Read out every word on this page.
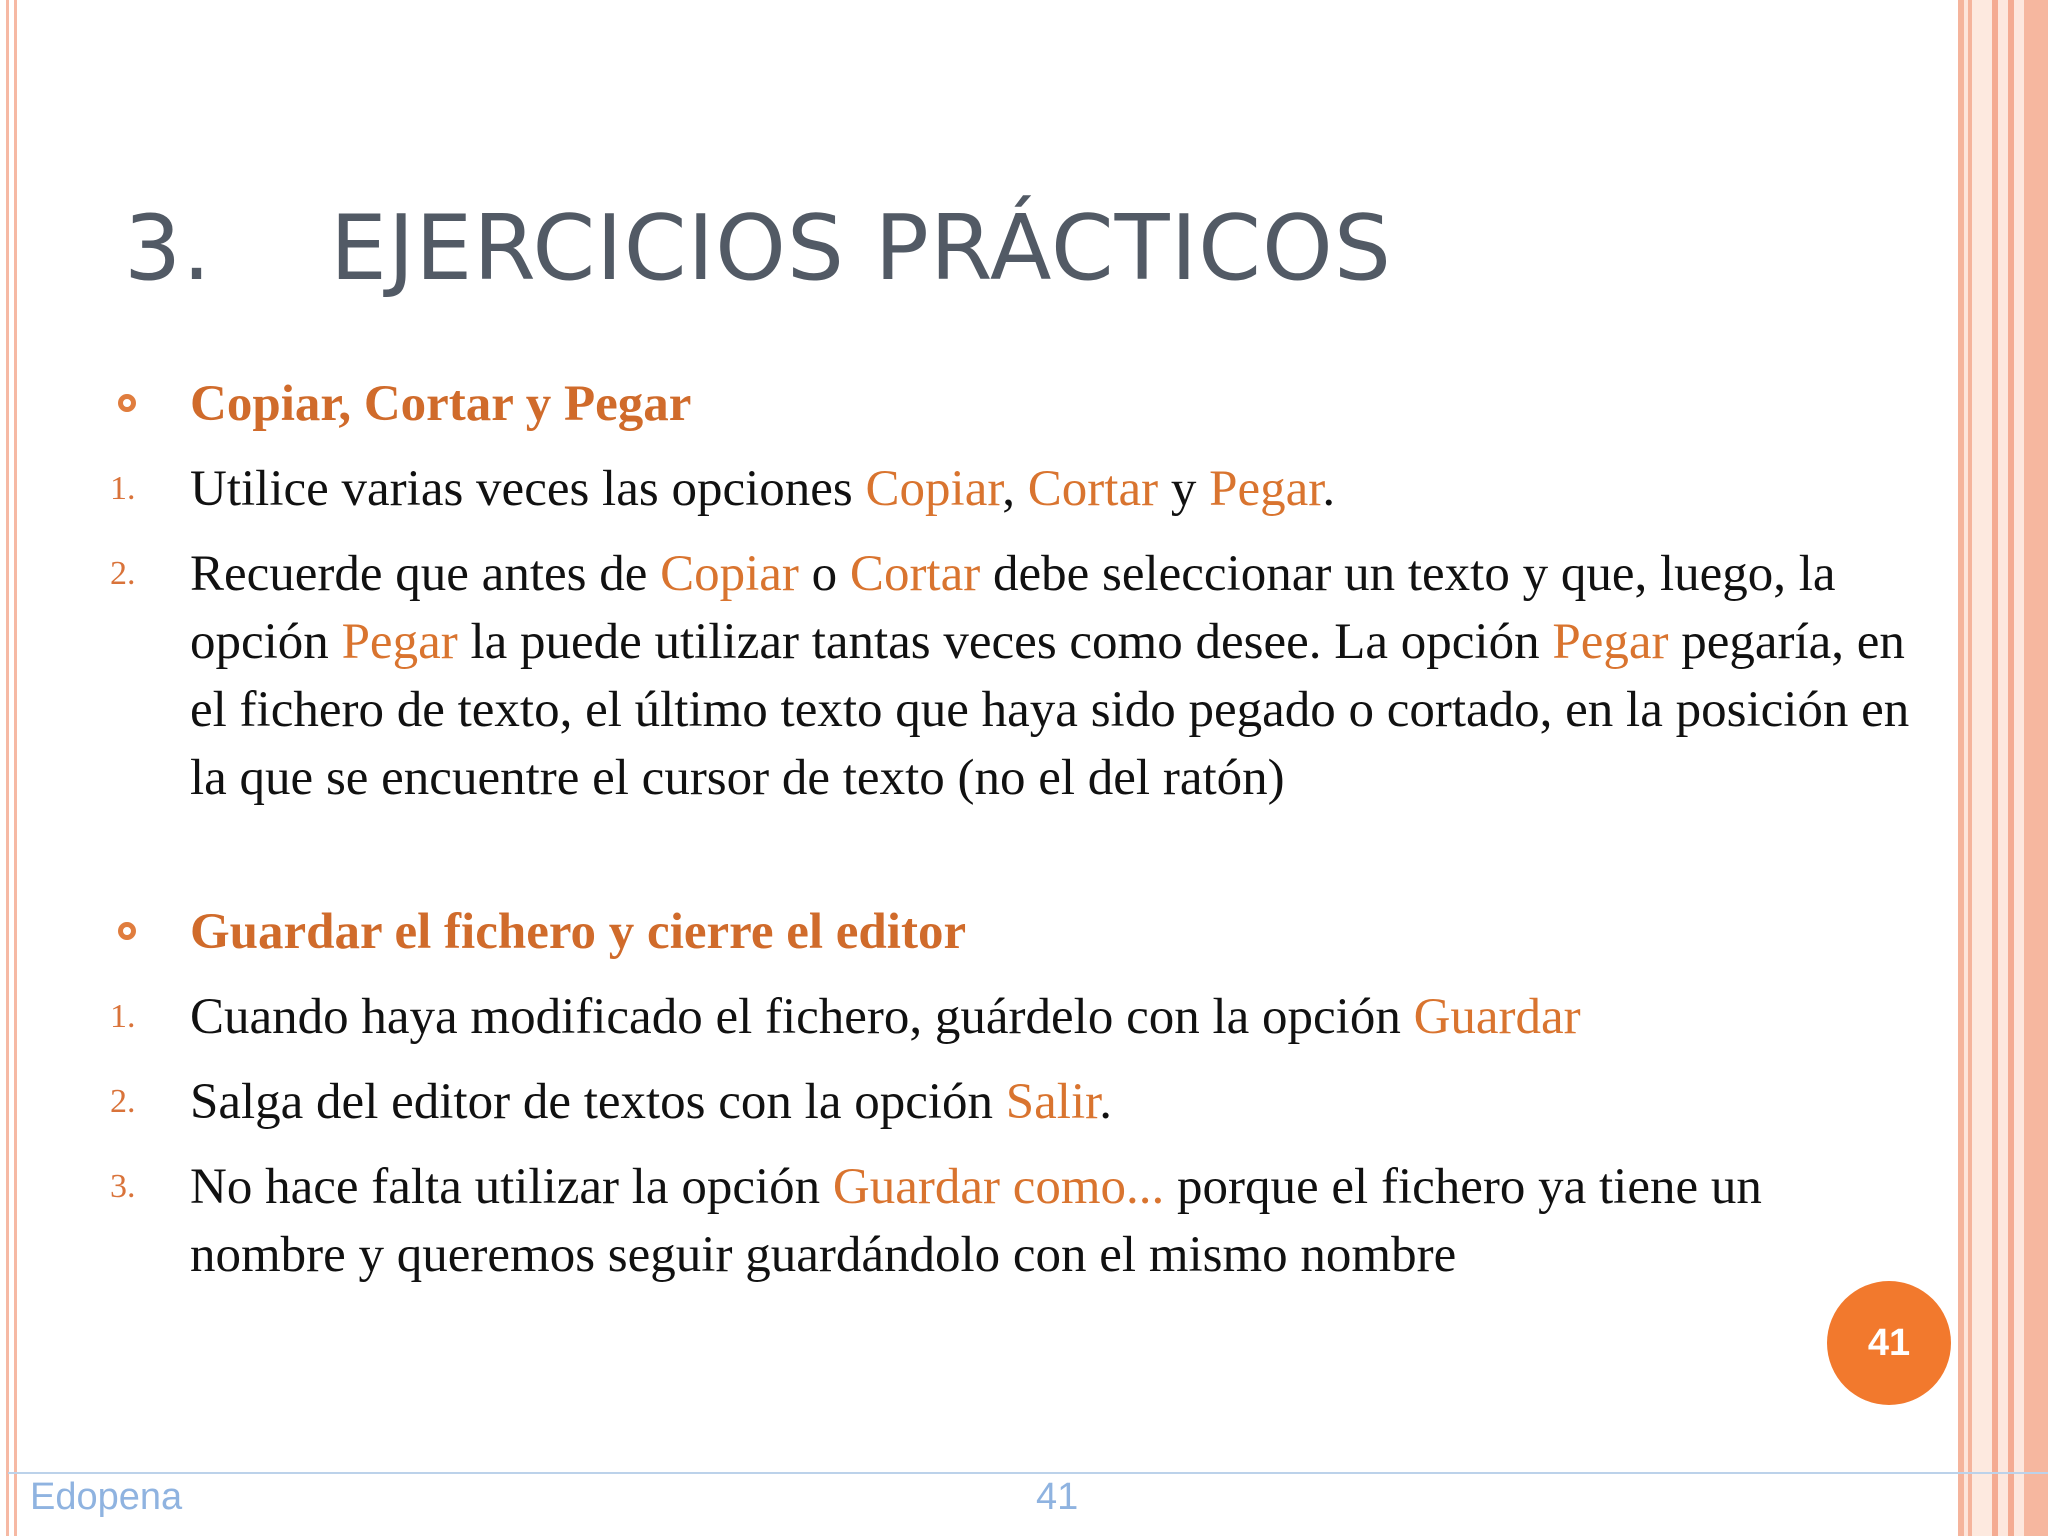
3. EJERCICIOS PRÁCTICOS

Copiar, Cortar y Pegar

1. Utilice varias veces las opciones Copiar, Cortar y Pegar.

2. Recuerde que antes de Copiar o Cortar debe seleccionar un texto y que, luego, la opción Pegar la puede utilizar tantas veces como desee. La opción Pegar pegaría, en el fichero de texto, el último texto que haya sido pegado o cortado, en la posición en la que se encuentre el cursor de texto (no el del ratón)

Guardar el fichero y cierre el editor

1. Cuando haya modificado el fichero, guárdelo con la opción Guardar

2. Salga del editor de textos con la opción Salir.

3. No hace falta utilizar la opción Guardar como... porque el fichero ya tiene un nombre y queremos seguir guardándolo con el mismo nombre

41
Edopena	41
